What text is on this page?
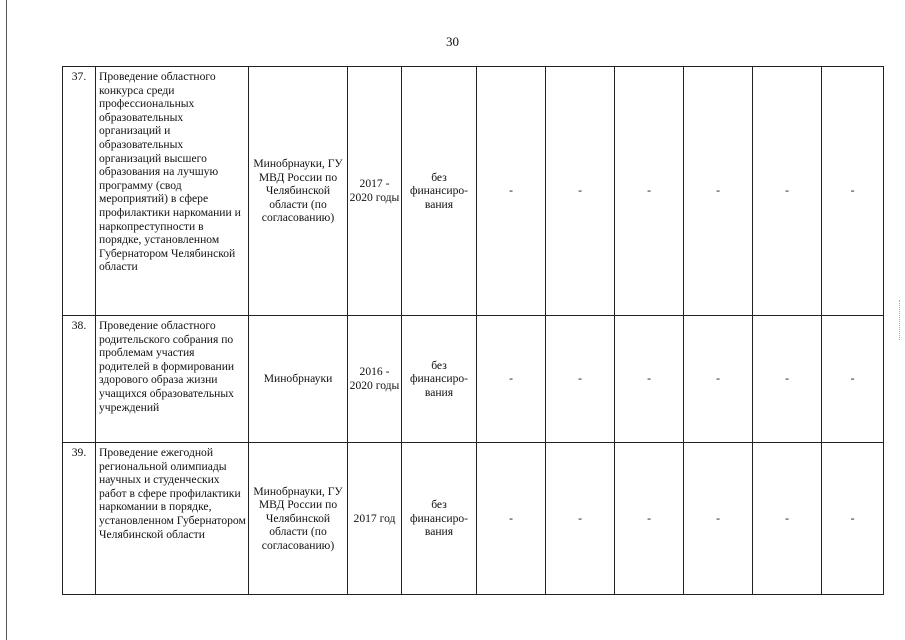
30
37.	Проведение областного конкурса среди профессиональных образовательных организаций и образовательных организаций высшего образования на лучшую программу (свод мероприятий) в сфере профилактики наркомании и наркопреступности в порядке, установленном Губернатором Челябинской области	Минобрнауки, ГУ МВД России по Челябинской области (по согласованию)	2017 - 2020 годы	без финансиро-вания	-	-	-	-	-	-
38.	Проведение областного родительского собрания по проблемам участия родителей в формировании здорового образа жизни учащихся образовательных учреждений	Минобрнауки	2016 - 2020 годы	без финансиро-вания	-	-	-	-	-	-
39.	Проведение ежегодной региональной олимпиады научных и студенческих работ в сфере профилактики наркомании в порядке, установленном Губернатором Челябинской области	Минобрнауки, ГУ МВД России по Челябинской области (по согласованию)	2017 год	без финансиро-вания	-	-	-	-	-	-
